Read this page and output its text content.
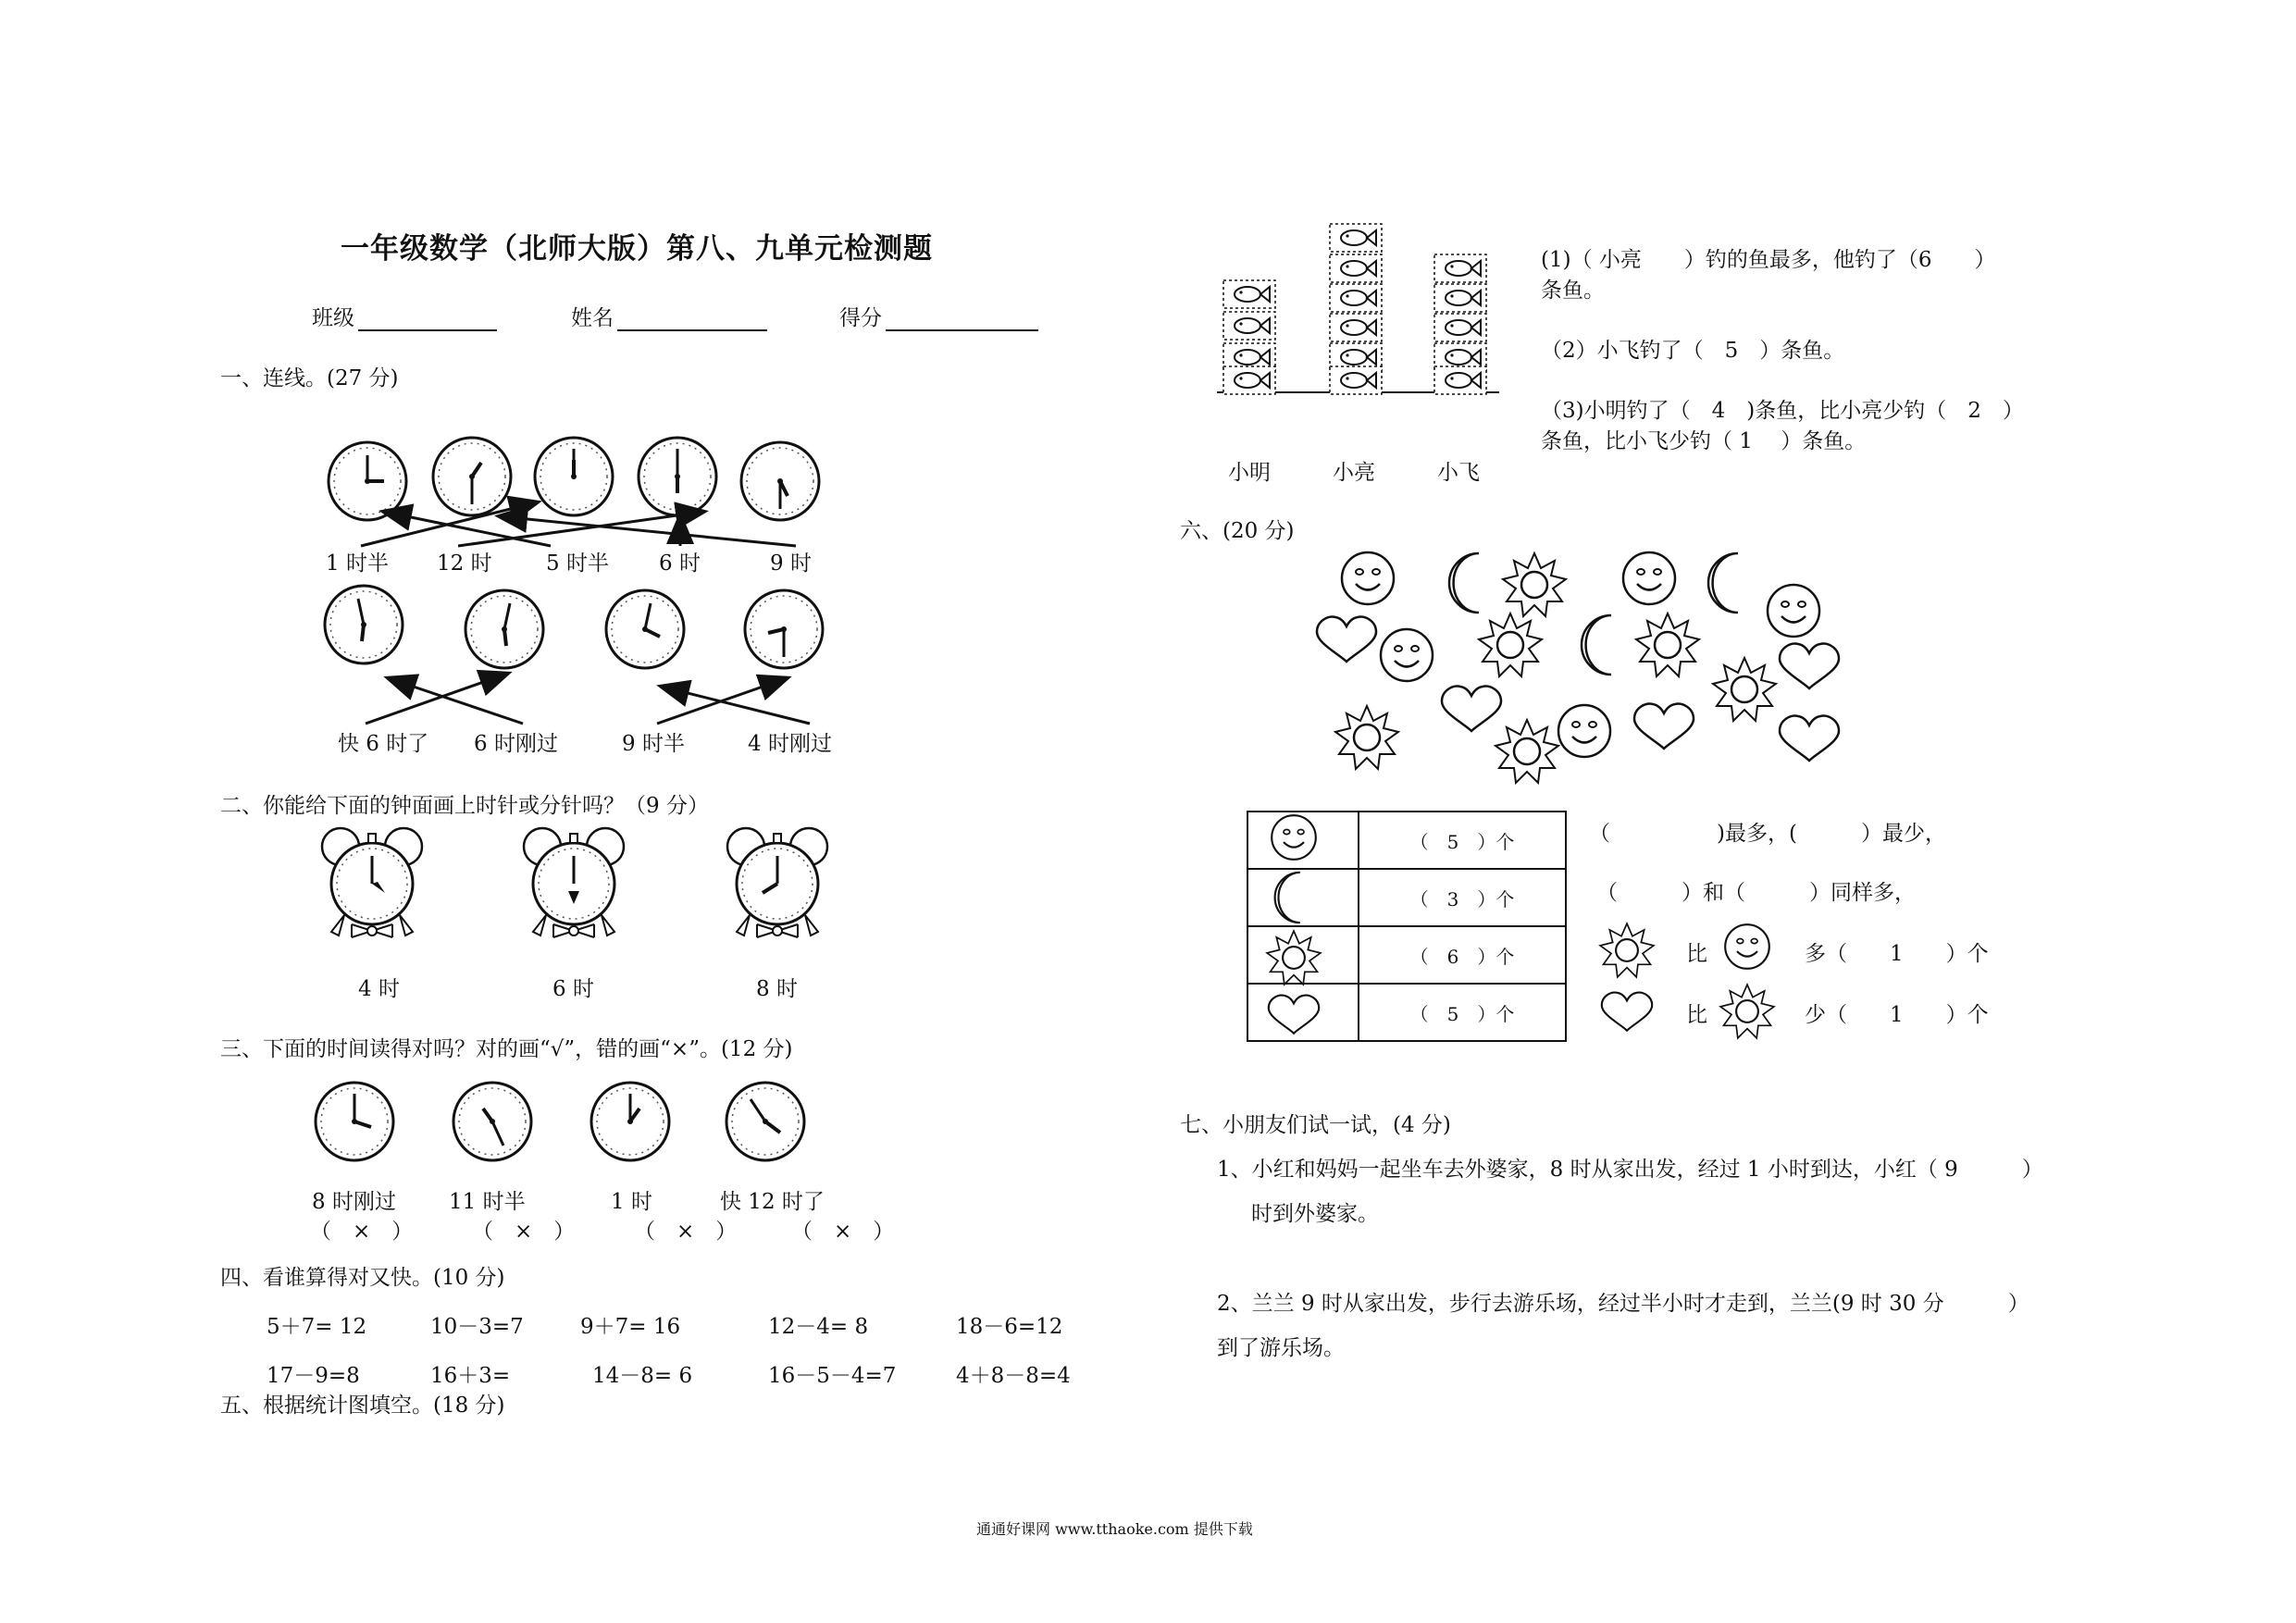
一年级数学（北师大版）第八、九单元检测题
班级	姓名	得分
一、连线。(27 分)
1 时半 12 时	5 时半 6 时	9 时
快 6 时了 6 时刚过	9 时半	4 时刚过
二、你能给下面的钟面画上时针或分针吗？（9 分）
4 时	6 时	8 时
三、下面的时间读得对吗？对的画“√”，错的画“×”。(12 分)
8 时刚过 11 时半	1 时	快 12 时了
（　×　）	（　×　）	（　×　）	（　×　）
四、看谁算得对又快。(10 分)
5＋7= 12	10－3=7	9＋7= 16	12－4= 8	18－6=12
17－9=8	16＋3=	14－8= 6	16－5－4=7	4＋8－8=4
五、根据统计图填空。(18 分)
小明	小亮	小飞
(1)（ 小亮　　）钓的鱼最多，他钓了（6　　）
条鱼。
（2）小飞钓了（　5　）条鱼。
（3)小明钓了（　4　)条鱼，比小亮少钓（　2　）
条鱼，比小飞少钓（ 1　 ）条鱼。
六、(20 分)
	（　5　）个
	（　3　）个
	（　6　）个
	（　5　）个
（　　　　　)最多，(　　　）最少，
（　　　）和（　　　）同样多，
比	多（　　1　　）个
比	少（　　1　　）个
七、小朋友们试一试，(4 分)
1、小红和妈妈一起坐车去外婆家，8 时从家出发，经过 1 小时到达，小红（ 9　　　）
时到外婆家。
2、兰兰 9 时从家出发，步行去游乐场，经过半小时才走到，兰兰(9 时 30 分　　　）
到了游乐场。
通通好课网 www.tthaoke.com 提供下载
